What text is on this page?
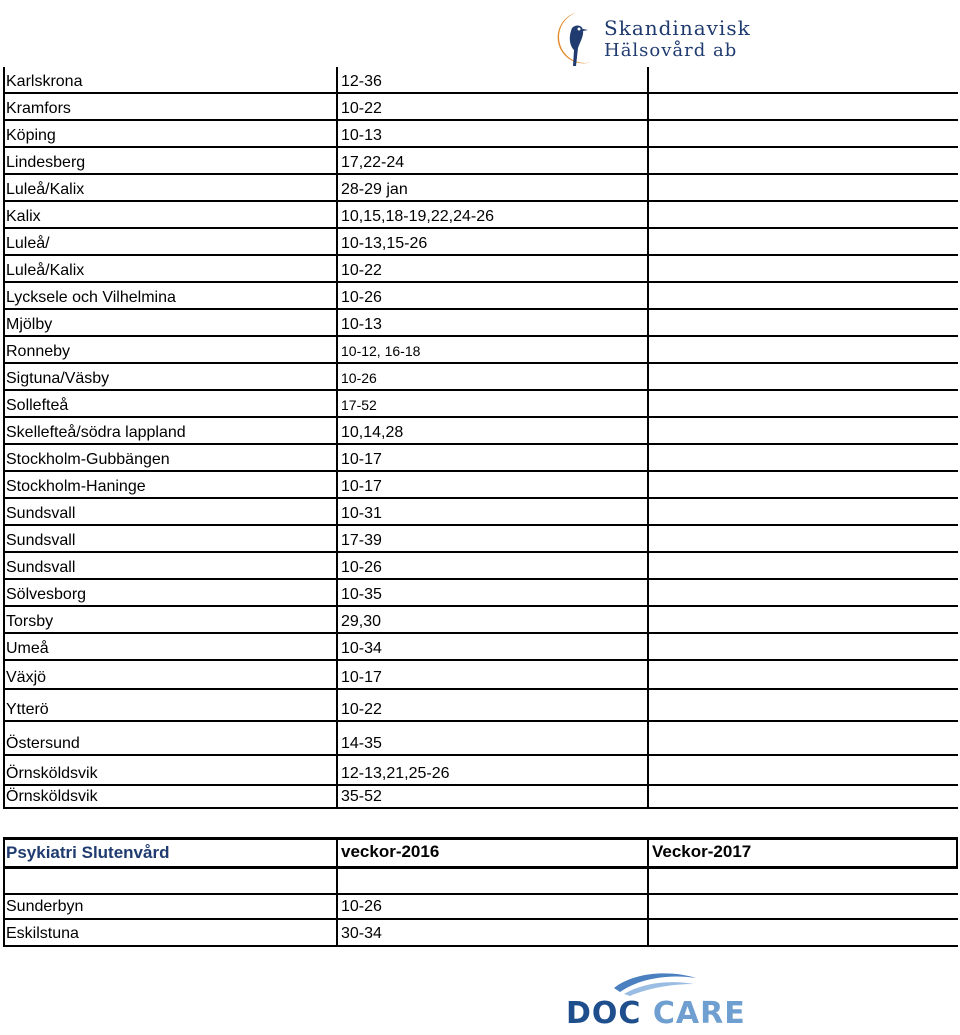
Skandinavisk
Hälsovård ab
Karlskrona	12-36
Kramfors	10-22
Köping	10-13
Lindesberg	17,22-24
Luleå/Kalix	28-29 jan
Kalix	10,15,18-19,22,24-26
Luleå/	10-13,15-26
Luleå/Kalix	10-22
Lycksele och Vilhelmina	10-26
Mjölby	10-13
Ronneby	10-12, 16-18
Sigtuna/Väsby	10-26
Sollefteå	17-52
Skellefteå/södra lappland	10,14,28
Stockholm-Gubbängen	10-17
Stockholm-Haninge	10-17
Sundsvall	10-31
Sundsvall	17-39
Sundsvall	10-26
Sölvesborg	10-35
Torsby	29,30
Umeå	10-34
Växjö	10-17
Ytterö	10-22
Östersund	14-35
Örnsköldsvik	12-13,21,25-26
Örnsköldsvik	35-52
Psykiatri Slutenvård	veckor-2016	Veckor-2017
Sunderbyn	10-26
Eskilstuna	30-34
DOC CARE
